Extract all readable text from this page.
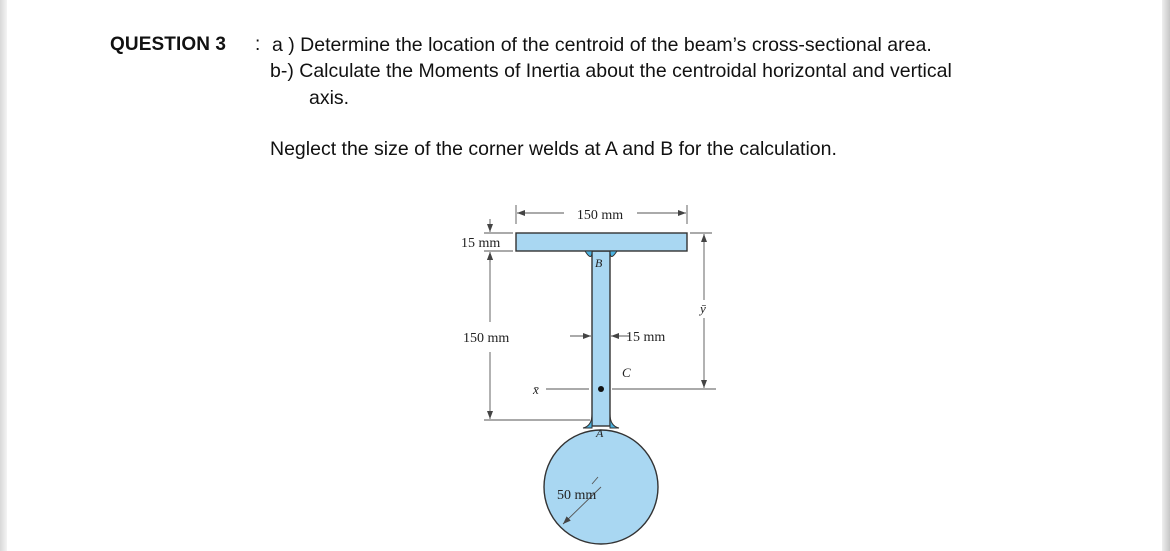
QUESTION 3 : a ) Determine the location of the centroid of the beam’s cross-sectional area.
b-) Calculate the Moments of Inertia about the centroidal horizontal and vertical
axis.
Neglect the size of the corner welds at A and B for the calculation.
150 mm
15 mm
150 mm	15 mm
C
ȳ
x̄
B
A
50 mm
